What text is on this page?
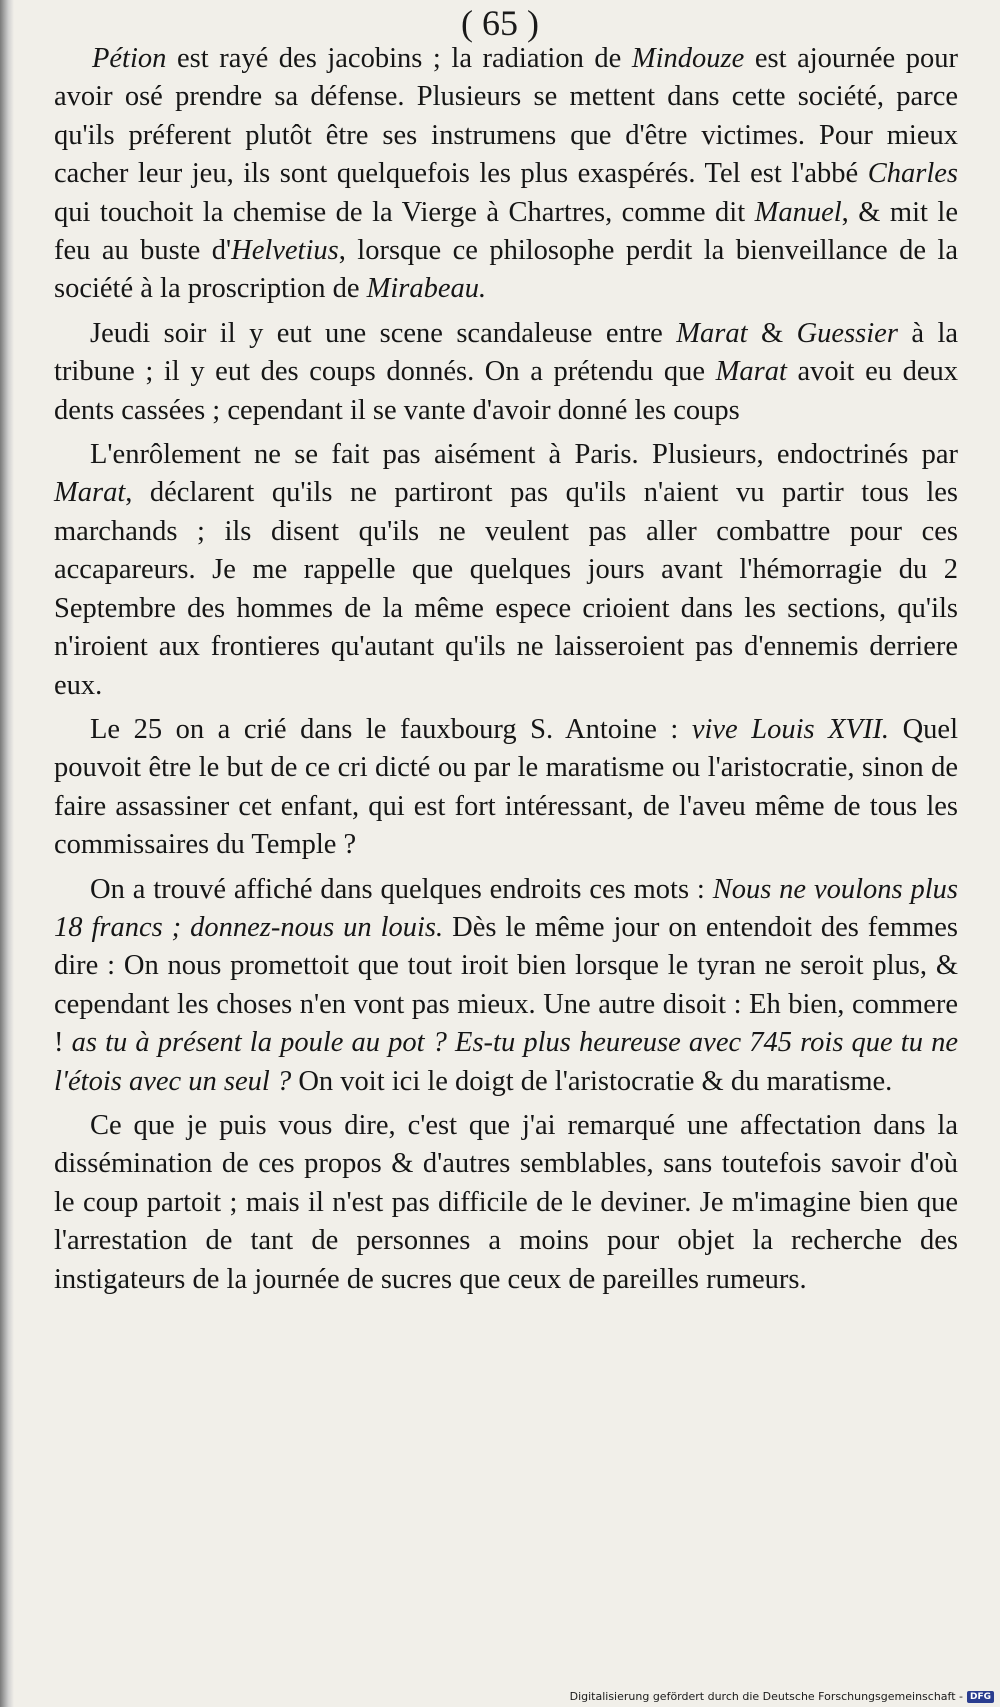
( 65 )

Pétion est rayé des jacobins ; la radiation de Mindouze est ajournée pour avoir osé prendre sa défense. Plusieurs se mettent dans cette société, parce qu'ils préferent plutôt être ses instrumens que d'être victimes. Pour mieux cacher leur jeu, ils sont quelquefois les plus exaspérés. Tel est l'abbé Charles qui touchoit la chemise de la Vierge à Chartres, comme dit Manuel, & mit le feu au buste d'Helvetius, lorsque ce philosophe perdit la bienveillance de la société à la proscription de Mirabeau.

Jeudi soir il y eut une scene scandaleuse entre Marat & Guessier à la tribune ; il y eut des coups donnés. On a prétendu que Marat avoit eu deux dents cassées ; cependant il se vante d'avoir donné les coups

L'enrôlement ne se fait pas aisément à Paris. Plusieurs, endoctrinés par Marat, déclarent qu'ils ne partiront pas qu'ils n'aient vu partir tous les marchands ; ils disent qu'ils ne veulent pas aller combattre pour ces accapareurs. Je me rappelle que quelques jours avant l'hémorragie du 2 Septembre des hommes de la même espece crioient dans les sections, qu'ils n'iroient aux frontieres qu'autant qu'ils ne laisseroient pas d'ennemis derriere eux.

Le 25 on a crié dans le fauxbourg S. Antoine : vive Louis XVII. Quel pouvoit être le but de ce cri dicté ou par le maratisme ou l'aristocratie, sinon de faire assassiner cet enfant, qui est fort intéressant, de l'aveu même de tous les commissaires du Temple ?

On a trouvé affiché dans quelques endroits ces mots : Nous ne voulons plus 18 francs ; donnez-nous un louis. Dès le même jour on entendoit des femmes dire : On nous promettoit que tout iroit bien lorsque le tyran ne seroit plus, & cependant les choses n'en vont pas mieux. Une autre disoit : Eh bien, commere ! as tu à présent la poule au pot ? Es-tu plus heureuse avec 745 rois que tu ne l'étois avec un seul ? On voit ici le doigt de l'aristocratie & du maratisme.

Ce que je puis vous dire, c'est que j'ai remarqué une affectation dans la dissémination de ces propos & d'autres semblables, sans toutefois savoir d'où le coup partoit ; mais il n'est pas difficile de le deviner. Je m'imagine bien que l'arrestation de tant de personnes a moins pour objet la recherche des instigateurs de la journée de sucres que ceux de pareilles rumeurs.

Digitalisierung gefördert durch die Deutsche Forschungsgemeinschaft - DFG
